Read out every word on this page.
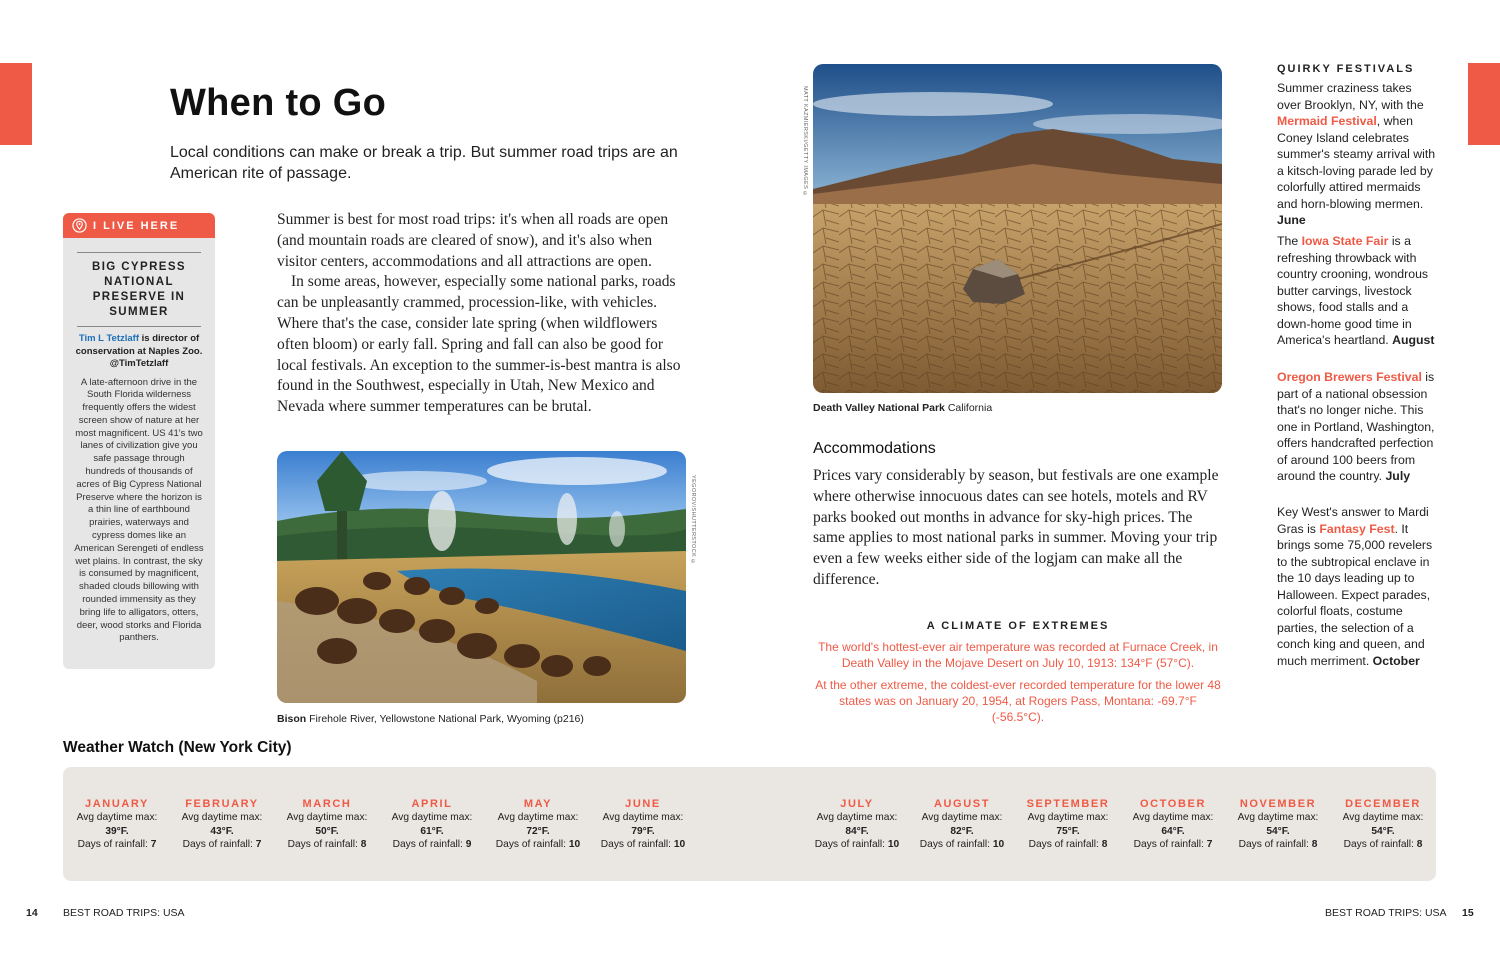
When to Go

Local conditions can make or break a trip. But summer road trips are an American rite of passage.

I LIVE HERE
BIG CYPRESS NATIONAL PRESERVE IN SUMMER
Tim L Tetzlaff is director of conservation at Naples Zoo. @TimTetzlaff
A late-afternoon drive in the South Florida wilderness frequently offers the widest screen show of nature at her most magnificent. US 41's two lanes of civilization give you safe passage through hundreds of thousands of acres of Big Cypress National Preserve where the horizon is a thin line of earthbound prairies, waterways and cypress domes like an American Serengeti of endless wet plains. In contrast, the sky is consumed by magnificent, shaded clouds billowing with rounded immensity as they bring life to alligators, otters, deer, wood storks and Florida panthers.

Summer is best for most road trips: it's when all roads are open (and mountain roads are cleared of snow), and it's also when visitor centers, accommodations and all attractions are open.

In some areas, however, especially some national parks, roads can be unpleasantly crammed, procession-like, with vehicles. Where that's the case, consider late spring (when wildflowers often bloom) or early fall. Spring and fall can also be good for local festivals. An exception to the summer-is-best mantra is also found in the Southwest, especially in Utah, New Mexico and Nevada where summer temperatures can be brutal.

YEGOROV/SHUTTERSTOCK ©
Bison Firehole River, Yellowstone National Park, Wyoming (p216)
MATT KAZMIERSKI/GETTY IMAGES ©
Death Valley National Park California
Accommodations

Prices vary considerably by season, but festivals are one example where otherwise innocuous dates can see hotels, motels and RV parks booked out months in advance for sky-high prices. The same applies to most national parks in summer. Moving your trip even a few weeks either side of the logjam can make all the difference.

A CLIMATE OF EXTREMES
The world's hottest-ever air temperature was recorded at Furnace Creek, in Death Valley in the Mojave Desert on July 10, 1913: 134°F (57°C).
At the other extreme, the coldest-ever recorded temperature for the lower 48 states was on January 20, 1954, at Rogers Pass, Montana: -69.7°F (-56.5°C).
QUIRKY FESTIVALS

Summer craziness takes over Brooklyn, NY, with the Mermaid Festival, when Coney Island celebrates summer's steamy arrival with a kitsch-loving parade led by colorfully attired mermaids and horn-blowing mermen. June

The Iowa State Fair is a refreshing throwback with country crooning, wondrous butter carvings, livestock shows, food stalls and a down-home good time in America's heartland. August

Oregon Brewers Festival is part of a national obsession that's no longer niche. This one in Portland, Washington, offers handcrafted perfection of around 100 beers from around the country. July

Key West's answer to Mardi Gras is Fantasy Fest. It brings some 75,000 revelers to the subtropical enclave in the 10 days leading up to Halloween. Expect parades, colorful floats, costume parties, the selection of a conch king and queen, and much merriment. October

Weather Watch (New York City)
JANUARY
Avg daytime max:
39°F.
Days of rainfall: 7
FEBRUARY
Avg daytime max:
43°F.
Days of rainfall: 7
MARCH
Avg daytime max:
50°F.
Days of rainfall: 8
APRIL
Avg daytime max:
61°F.
Days of rainfall: 9
MAY
Avg daytime max:
72°F.
Days of rainfall: 10
JUNE
Avg daytime max:
79°F.
Days of rainfall: 10
JULY
Avg daytime max:
84°F.
Days of rainfall: 10
AUGUST
Avg daytime max:
82°F.
Days of rainfall: 10
SEPTEMBER
Avg daytime max:
75°F.
Days of rainfall: 8
OCTOBER
Avg daytime max:
64°F.
Days of rainfall: 7
NOVEMBER
Avg daytime max:
54°F.
Days of rainfall: 8
DECEMBER
Avg daytime max:
54°F.
Days of rainfall: 8
14 BEST ROAD TRIPS: USA	BEST ROAD TRIPS: USA 15
